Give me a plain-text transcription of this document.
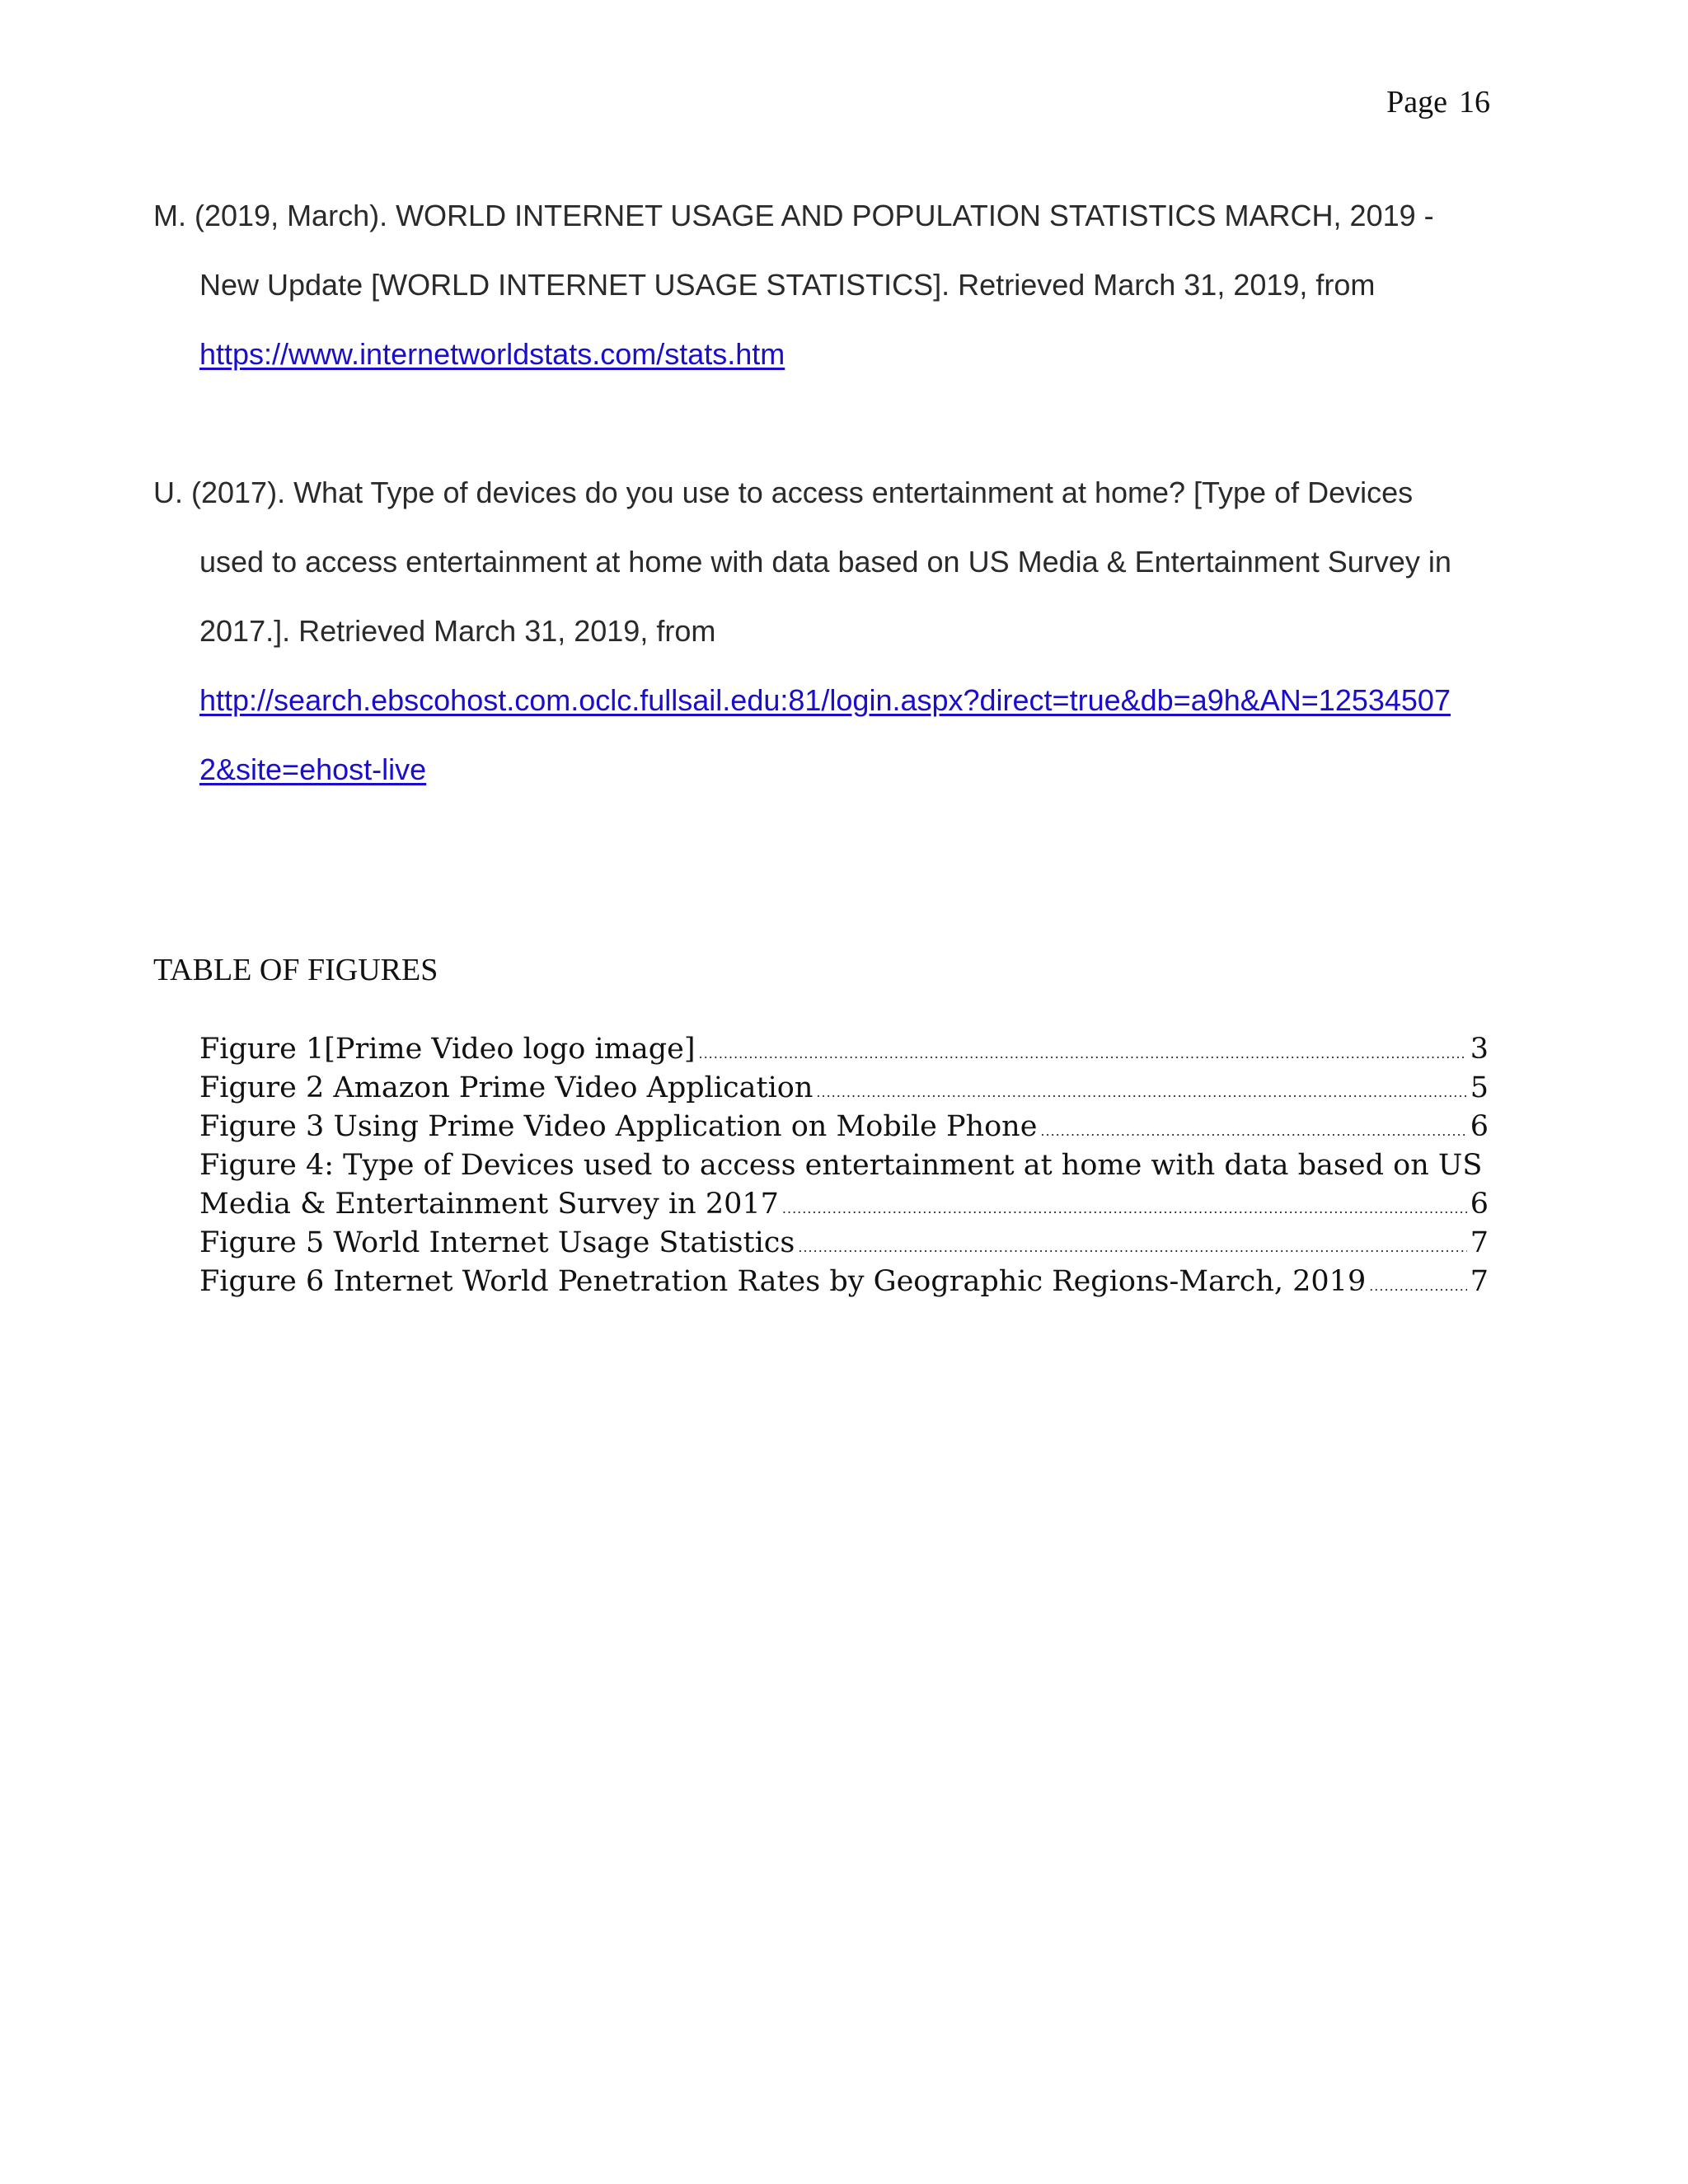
Page 16
M. (2019, March). WORLD INTERNET USAGE AND POPULATION STATISTICS MARCH, 2019 -
New Update [WORLD INTERNET USAGE STATISTICS]. Retrieved March 31, 2019, from
https://www.internetworldstats.com/stats.htm
U. (2017). What Type of devices do you use to access entertainment at home? [Type of Devices
used to access entertainment at home with data based on US Media & Entertainment Survey in
2017.]. Retrieved March 31, 2019, from
http://search.ebscohost.com.oclc.fullsail.edu:81/login.aspx?direct=true&db=a9h&AN=12534507
2&site=ehost-live
TABLE OF FIGURES
Figure 1[Prime Video logo image] .....	3
Figure 2 Amazon Prime Video Application .....	5
Figure 3 Using Prime Video Application on Mobile Phone .....	6
Figure 4: Type of Devices used to access entertainment at home with data based on US
Media & Entertainment Survey in 2017 .....	6
Figure 5 World Internet Usage Statistics .....	7
Figure 6 Internet World Penetration Rates by Geographic Regions-March, 2019 .....	7
